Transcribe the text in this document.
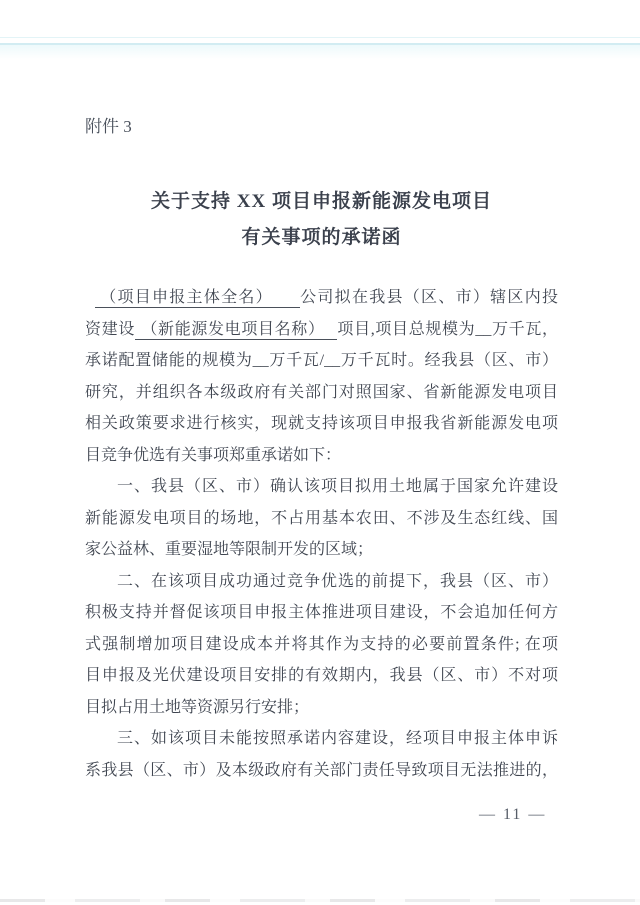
附件 3
关于支持 XX 项目申报新能源发电项目
有关事项的承诺函

（项目申报主体全名） 公司拟在我县（区、市）辖区内投

资建设 （新能源发电项目名称） 项目,项目总规模为__万千瓦，

承诺配置储能的规模为__万千瓦/__万千瓦时。经我县（区、市）

研究，并组织各本级政府有关部门对照国家、省新能源发电项目

相关政策要求进行核实，现就支持该项目申报我省新能源发电项

目竞争优选有关事项郑重承诺如下：

一、我县（区、市）确认该项目拟用土地属于国家允许建设

新能源发电项目的场地，不占用基本农田、不涉及生态红线、国

家公益林、重要湿地等限制开发的区域；

二、在该项目成功通过竞争优选的前提下，我县（区、市）

积极支持并督促该项目申报主体推进项目建设，不会追加任何方

式强制增加项目建设成本并将其作为支持的必要前置条件; 在项

目申报及光伏建设项目安排的有效期内，我县（区、市）不对项

目拟占用土地等资源另行安排；

三、如该项目未能按照承诺内容建设，经项目申报主体申诉

系我县（区、市）及本级政府有关部门责任导致项目无法推进的，

— 11 —
